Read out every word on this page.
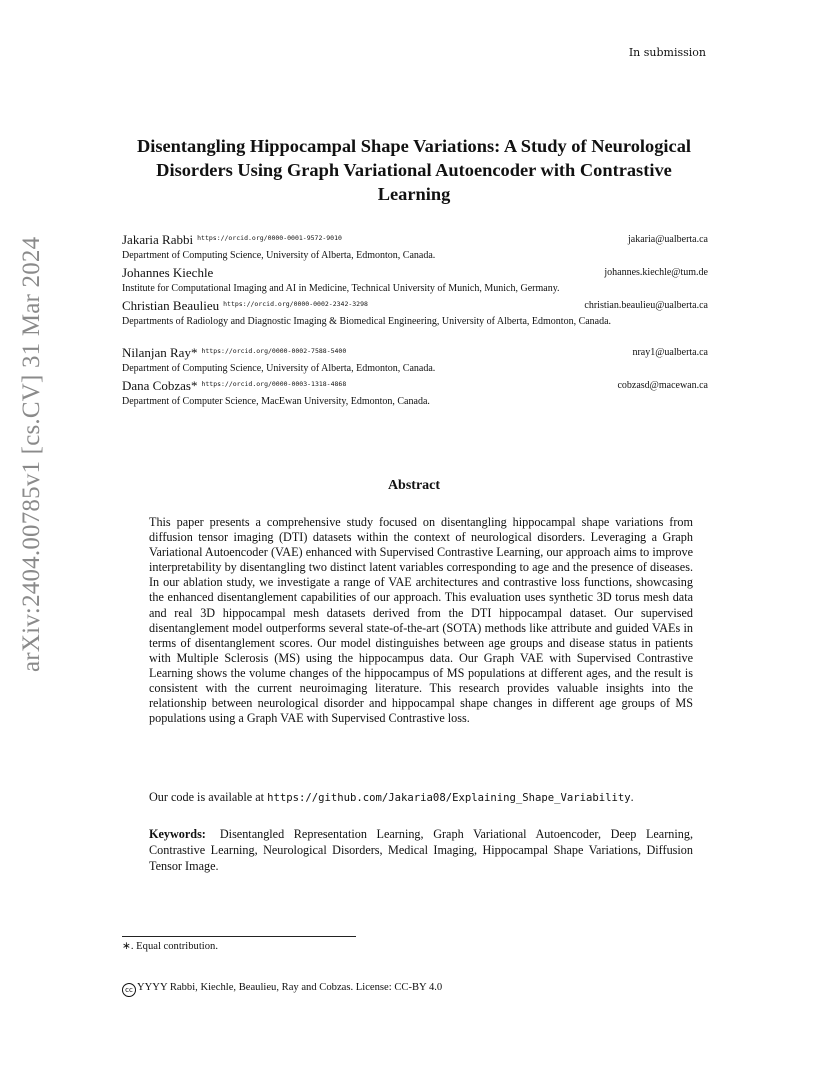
In submission
arXiv:2404.00785v1 [cs.CV] 31 Mar 2024
Disentangling Hippocampal Shape Variations: A Study of Neurological Disorders Using Graph Variational Autoencoder with Contrastive Learning
Jakaria Rabbi $^{https://orcid.org/0000-0001-9572-9010}$	jakaria@ualberta.ca
Department of Computing Science, University of Alberta, Edmonton, Canada.
Johannes Kiechle	johannes.kiechle@tum.de
Institute for Computational Imaging and AI in Medicine, Technical University of Munich, Munich, Germany.
Christian Beaulieu $^{https://orcid.org/0000-0002-2342-3298}$	christian.beaulieu@ualberta.ca
Departments of Radiology and Diagnostic Imaging & Biomedical Engineering, University of Alberta, Edmonton, Canada.
Nilanjan Ray* $^{https://orcid.org/0000-0002-7588-5400}$	nray1@ualberta.ca
Department of Computing Science, University of Alberta, Edmonton, Canada.
Dana Cobzas* $^{https://orcid.org/0000-0003-1318-4868}$	cobzasd@macewan.ca
Department of Computer Science, MacEwan University, Edmonton, Canada.
Abstract
This paper presents a comprehensive study focused on disentangling hippocampal shape variations from diffusion tensor imaging (DTI) datasets within the context of neurological disorders. Leveraging a Graph Variational Autoencoder (VAE) enhanced with Supervised Contrastive Learning, our approach aims to improve interpretability by disentangling two distinct latent variables corresponding to age and the presence of diseases. In our ablation study, we investigate a range of VAE architectures and contrastive loss functions, showcasing the enhanced disentanglement capabilities of our approach. This evaluation uses synthetic 3D torus mesh data and real 3D hippocampal mesh datasets derived from the DTI hippocampal dataset. Our supervised disentanglement model outperforms several state-of-the-art (SOTA) methods like attribute and guided VAEs in terms of disentanglement scores. Our model distinguishes between age groups and disease status in patients with Multiple Sclerosis (MS) using the hippocampus data. Our Graph VAE with Supervised Contrastive Learning shows the volume changes of the hippocampus of MS populations at different ages, and the result is consistent with the current neuroimaging literature. This research provides valuable insights into the relationship between neurological disorder and hippocampal shape changes in different age groups of MS populations using a Graph VAE with Supervised Contrastive loss.
Our code is available at https://github.com/Jakaria08/Explaining_Shape_Variability.
Keywords: Disentangled Representation Learning, Graph Variational Autoencoder, Deep Learning, Contrastive Learning, Neurological Disorders, Medical Imaging, Hippocampal Shape Variations, Diffusion Tensor Image.
∗. Equal contribution.
cc YYYY Rabbi, Kiechle, Beaulieu, Ray and Cobzas. License: CC-BY 4.0
